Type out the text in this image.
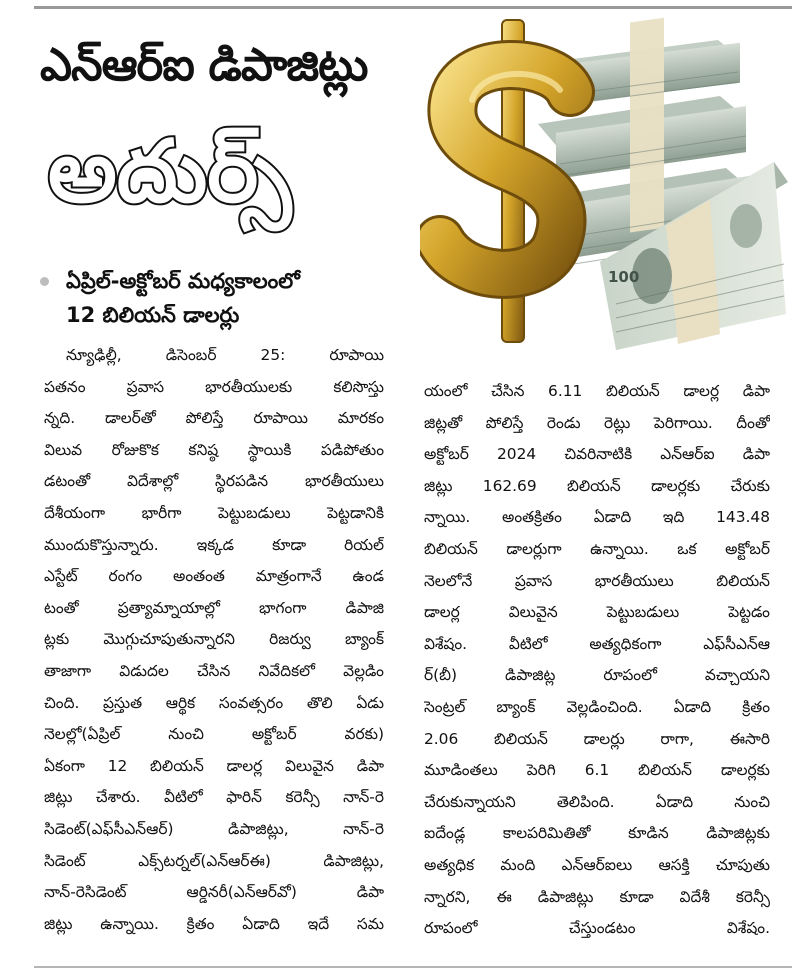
ఎన్‌ఆర్‌ఐ డిపాజిట్లు
అదుర్స్‌
100
ఏప్రిల్‌-అక్టోబర్‌ మధ్యకాలంలో
12 బిలియన్‌ డాలర్లు
న్యూఢిల్లీ, డిసెంబర్‌ 25: రూపాయి
పతనం ప్రవాస భారతీయులకు కలిసొస్తు
న్నది. డాలర్‌తో పోలిస్తే రూపాయి మారకం
విలువ రోజుకొక కనిష్ఠ స్థాయికి పడిపోతుం
డటంతో విదేశాల్లో స్థిరపడిన భారతీయులు
దేశీయంగా భారీగా పెట్టుబడులు పెట్టడానికి
ముందుకొస్తున్నారు. ఇక్కడ కూడా రియల్‌
ఎస్టేట్‌ రంగం అంతంత మాత్రంగానే ఉండ
టంతో ప్రత్యామ్నాయాల్లో భాగంగా డిపాజి
ట్లకు మొగ్గుచూపుతున్నారని రిజర్వు బ్యాంక్‌
తాజాగా విడుదల చేసిన నివేదికలో వెల్లడిం
చింది. ప్రస్తుత ఆర్థిక సంవత్సరం తొలి ఏడు
నెలల్లో(ఏప్రిల్‌ నుంచి అక్టోబర్‌ వరకు)
ఏకంగా 12 బిలియన్‌ డాలర్ల విలువైన డిపా
జిట్లు చేశారు. వీటిలో ఫారిన్‌ కరెన్సీ నాన్‌-రె
సిడెంట్‌(ఎఫ్‌సీఎన్‌ఆర్‌) డిపాజిట్లు, నాన్‌-రె
సిడెంట్‌ ఎక్స్‌టర్నల్‌(ఎన్‌ఆర్‌ఈ) డిపాజిట్లు,
నాన్‌-రెసిడెంట్‌ ఆర్డినరీ(ఎన్‌ఆర్‌వో) డిపా
జిట్లు ఉన్నాయి. క్రితం ఏడాది ఇదే సమ
యంలో చేసిన 6.11 బిలియన్‌ డాలర్ల డిపా
జిట్లతో పోలిస్తే రెండు రెట్లు పెరిగాయి. దీంతో
అక్టోబర్‌ 2024 చివరినాటికి ఎన్‌ఆర్‌ఐ డిపా
జిట్లు 162.69 బిలియన్‌ డాలర్లకు చేరుకు
న్నాయి. అంతక్రితం ఏడాది ఇది 143.48
బిలియన్‌ డాలర్లుగా ఉన్నాయి. ఒక అక్టోబర్‌
నెలలోనే ప్రవాస భారతీయులు బిలియన్‌
డాలర్ల విలువైన పెట్టుబడులు పెట్టడం
విశేషం. వీటిలో అత్యధికంగా ఎఫ్‌సీఎన్‌ఆ
ర్‌(బీ) డిపాజిట్ల రూపంలో వచ్చాయని
సెంట్రల్‌ బ్యాంక్‌ వెల్లడించింది. ఏడాది క్రితం
2.06 బిలియన్‌ డాలర్లు రాగా, ఈసారి
మూడింతలు పెరిగి 6.1 బిలియన్‌ డాలర్లకు
చేరుకున్నాయని తెలిపింది. ఏడాది నుంచి
ఐదేండ్ల కాలపరిమితితో కూడిన డిపాజిట్లకు
అత్యధిక మంది ఎన్‌ఆర్‌ఐలు ఆసక్తి చూపుతు
న్నారని, ఈ డిపాజిట్లు కూడా విదేశీ కరెన్సీ
రూపంలో చేస్తుండటం విశేషం.
